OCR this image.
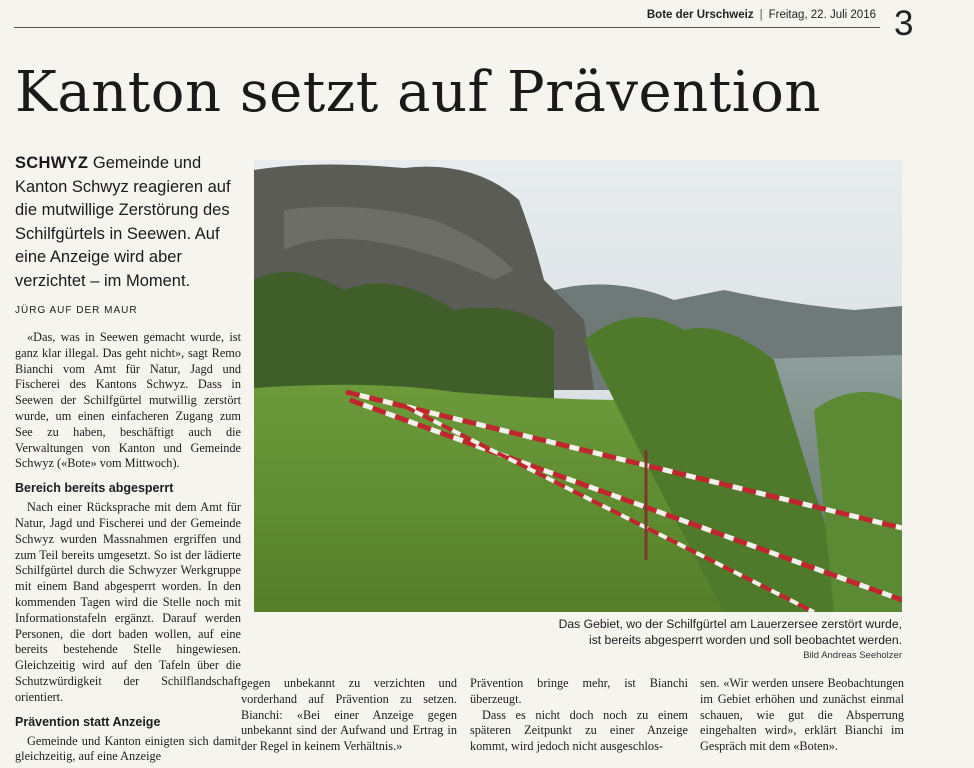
Bote der Urschweiz | Freitag, 22. Juli 2016 3
Kanton setzt auf Prävention
SCHWYZ Gemeinde und Kanton Schwyz reagieren auf die mutwillige Zerstörung des Schilfgürtels in Seewen. Auf eine Anzeige wird aber verzichtet – im Moment.
JÜRG AUF DER MAUR

«Das, was in Seewen gemacht wurde, ist ganz klar illegal. Das geht nicht», sagt Remo Bianchi vom Amt für Natur, Jagd und Fischerei des Kantons Schwyz. Dass in Seewen der Schilfgürtel mutwillig zerstört wurde, um einen einfacheren Zugang zum See zu haben, beschäftigt auch die Verwaltungen von Kanton und Gemeinde Schwyz («Bote» vom Mittwoch).

Bereich bereits abgesperrt

Nach einer Rücksprache mit dem Amt für Natur, Jagd und Fischerei und der Gemeinde Schwyz wurden Massnahmen ergriffen und zum Teil bereits umgesetzt. So ist der lädierte Schilfgürtel durch die Schwyzer Werkgruppe mit einem Band abgesperrt worden. In den kommenden Tagen wird die Stelle noch mit Informationstafeln ergänzt. Darauf werden Personen, die dort baden wollen, auf eine bereits bestehende Stelle hingewiesen. Gleichzeitig wird auf den Tafeln über die Schutzwürdigkeit der Schilflandschaft orientiert.

Prävention statt Anzeige

Gemeinde und Kanton einigten sich damit gleichzeitig, auf eine Anzeige

gegen unbekannt zu verzichten und vorderhand auf Prävention zu setzen. Bianchi: «Bei einer Anzeige gegen unbekannt sind der Aufwand und Ertrag in der Regel in keinem Verhältnis.»

Prävention bringe mehr, ist Bianchi überzeugt.

Dass es nicht doch noch zu einem späteren Zeitpunkt zu einer Anzeige kommt, wird jedoch nicht ausgeschlos-

sen. «Wir werden unsere Beobachtungen im Gebiet erhöhen und zunächst einmal schauen, wie gut die Absperrung eingehalten wird», erklärt Bianchi im Gespräch mit dem «Boten».

Das Gebiet, wo der Schilfgürtel am Lauerzersee zerstört wurde,
ist bereits abgesperrt worden und soll beobachtet werden.
Bild Andreas Seeholzer
